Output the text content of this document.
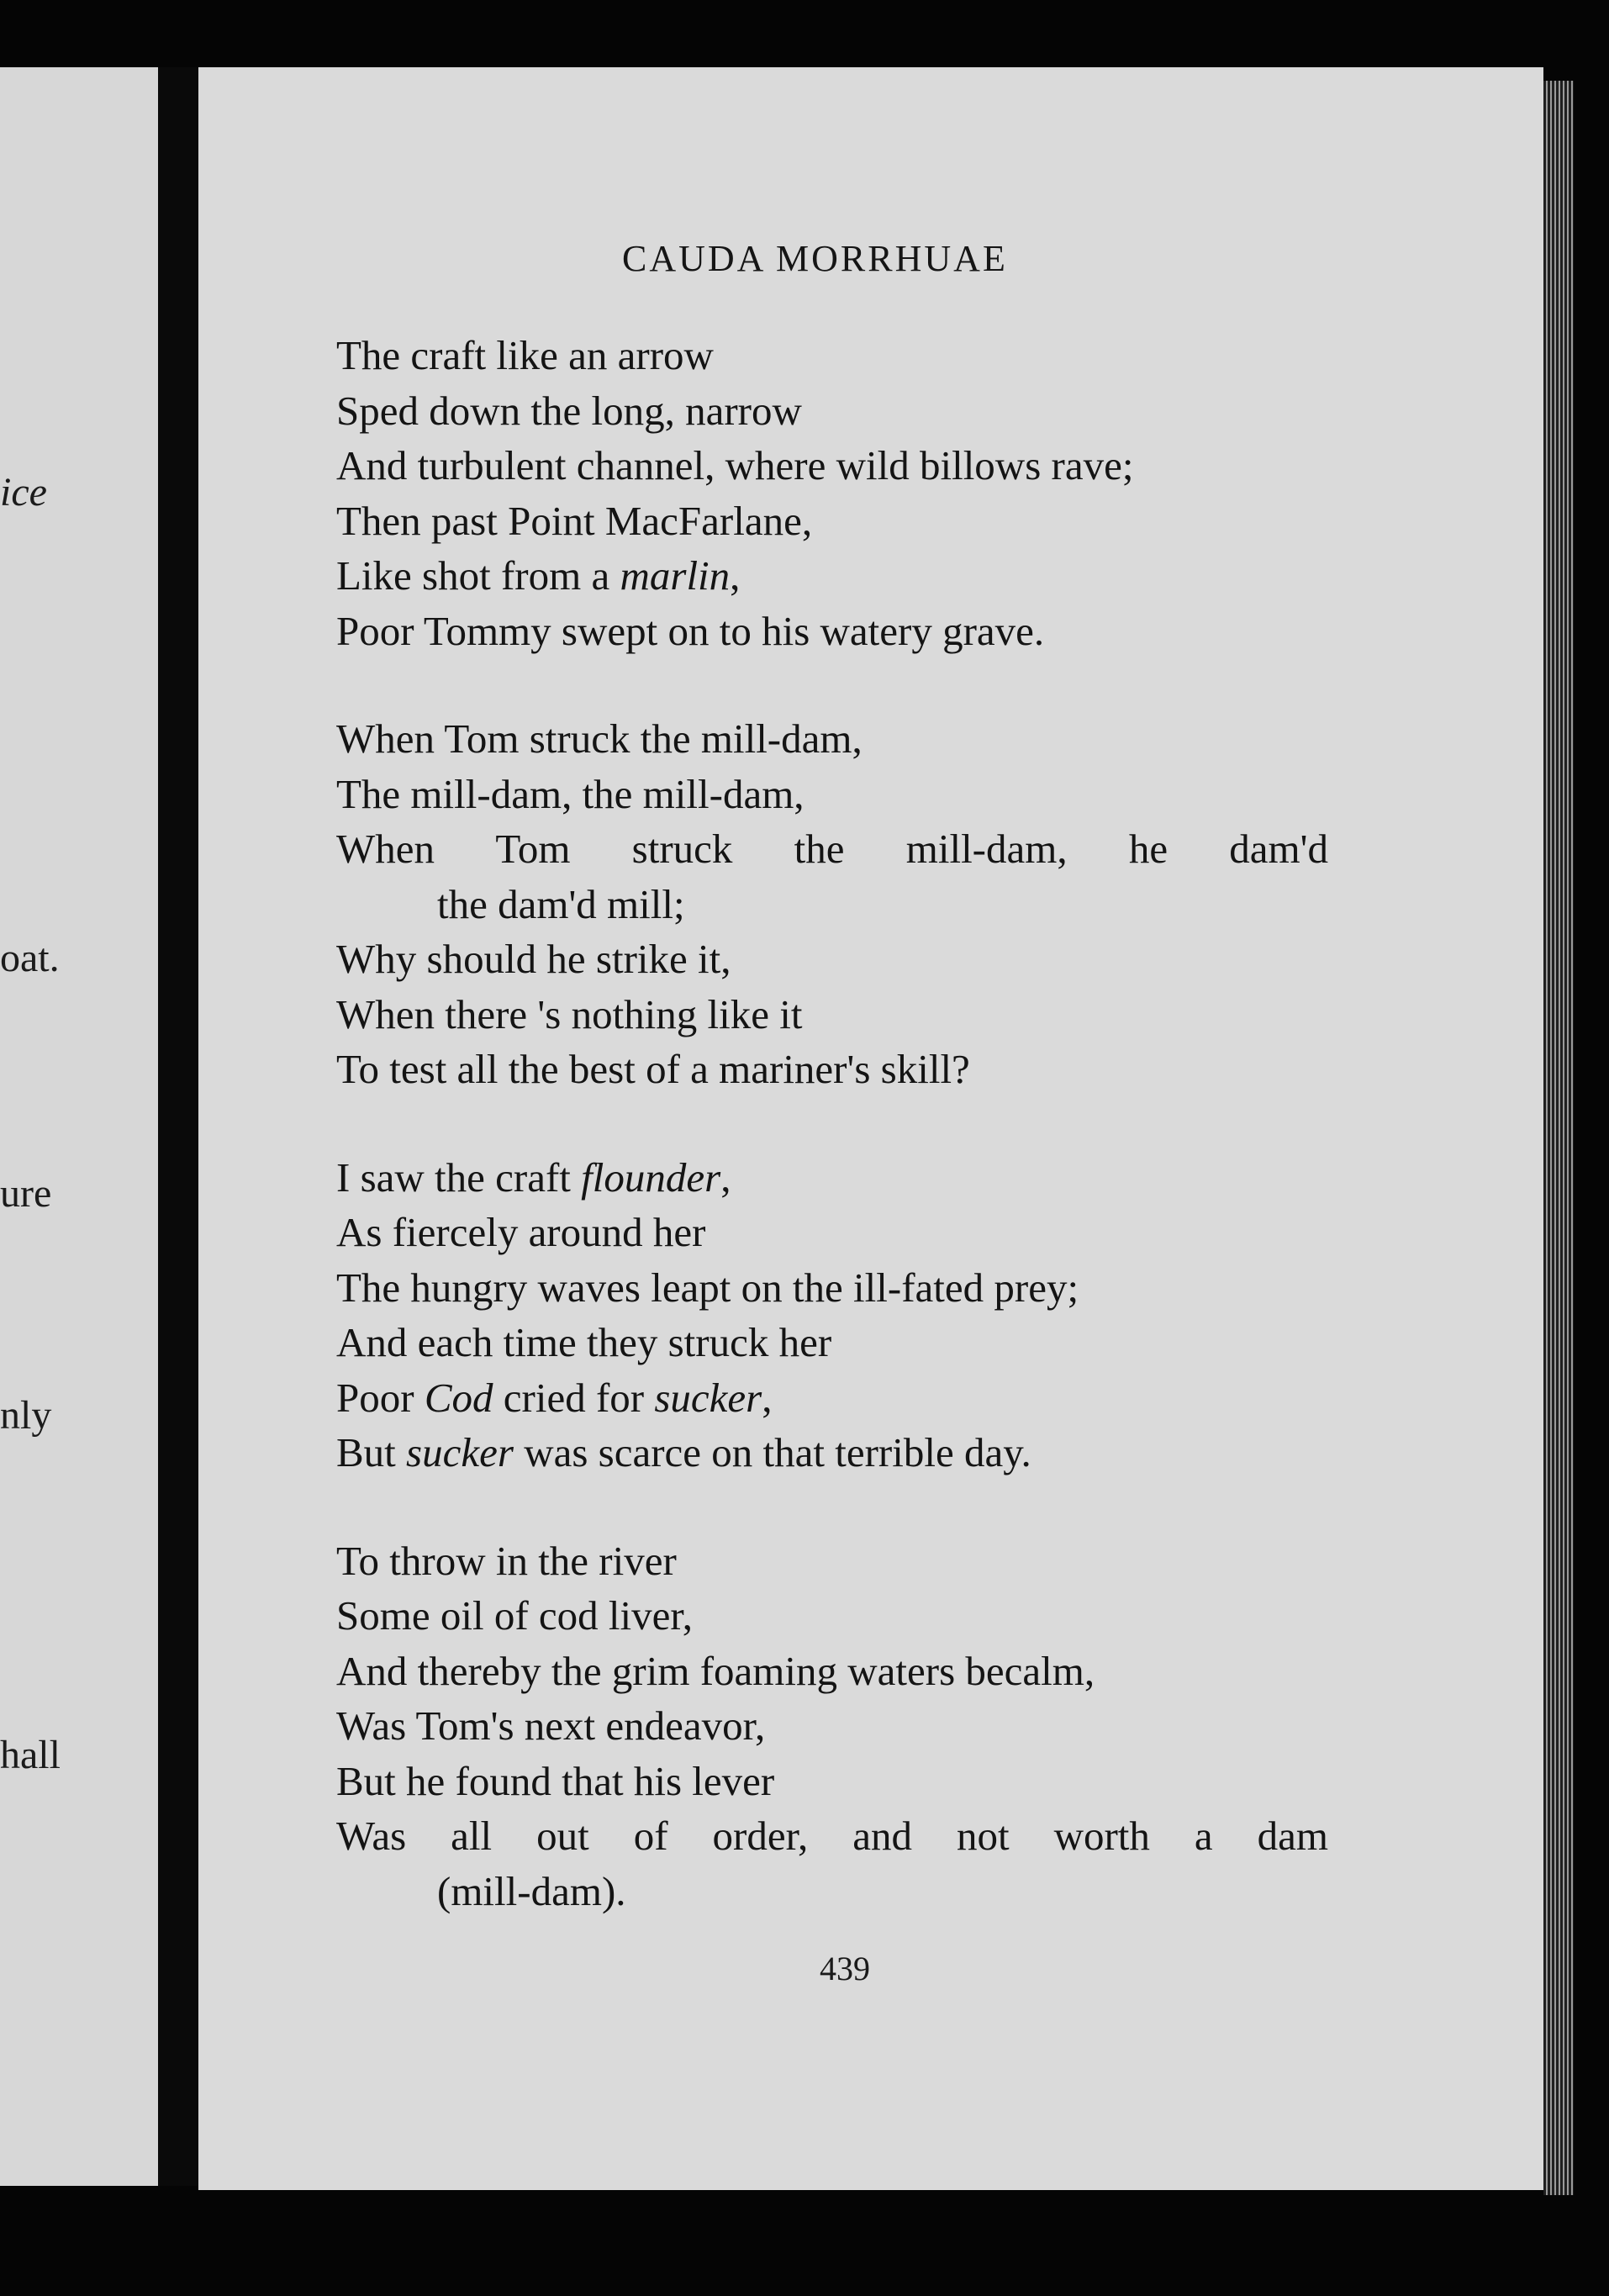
ice
oat.
ure
nly
hall
CAUDA MORRHUAE
The craft like an arrow
Sped down the long, narrow
And turbulent channel, where wild billows rave;
Then past Point MacFarlane,
Like shot from a marlin,
Poor Tommy swept on to his watery grave.
When Tom struck the mill-dam,
The mill-dam, the mill-dam,
When Tom struck the mill-dam, he dam'd
the dam'd mill;
Why should he strike it,
When there 's nothing like it
To test all the best of a mariner's skill?
I saw the craft flounder,
As fiercely around her
The hungry waves leapt on the ill-fated prey;
And each time they struck her
Poor Cod cried for sucker,
But sucker was scarce on that terrible day.
To throw in the river
Some oil of cod liver,
And thereby the grim foaming waters becalm,
Was Tom's next endeavor,
But he found that his lever
Was all out of order, and not worth a dam
(mill-dam).
439
